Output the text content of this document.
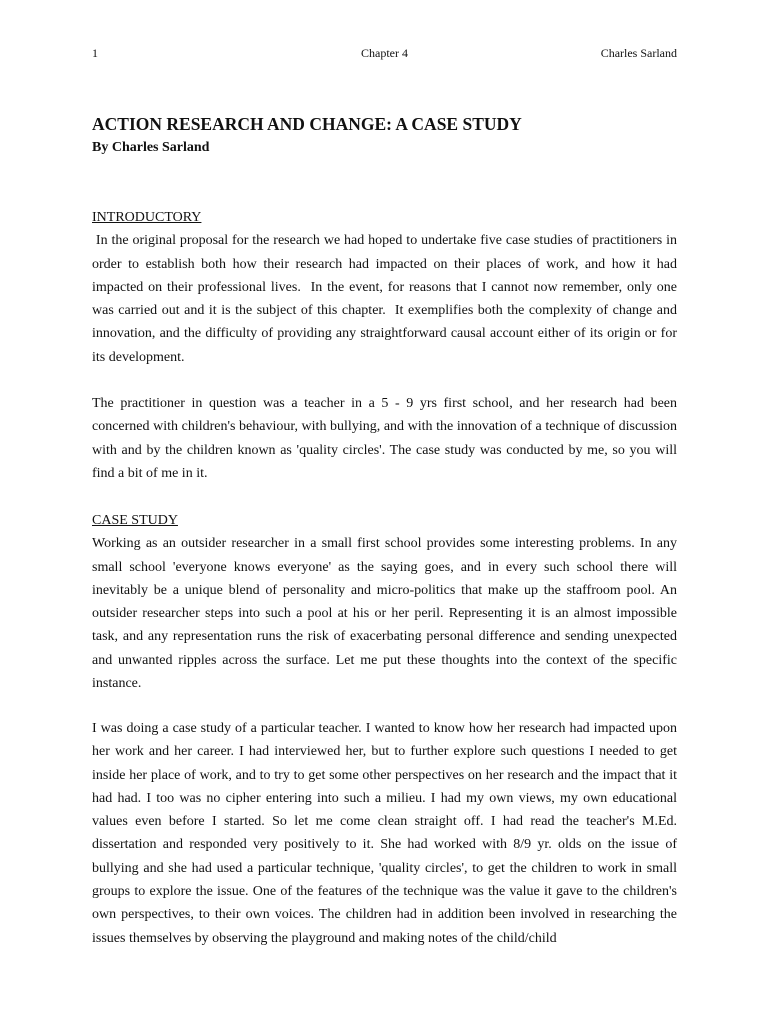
1	Chapter 4	Charles Sarland
ACTION RESEARCH AND CHANGE: A CASE STUDY
By Charles Sarland
INTRODUCTORY

In the original proposal for the research we had hoped to undertake five case studies of practitioners in order to establish both how their research had impacted on their places of work, and how it had impacted on their professional lives.  In the event, for reasons that I cannot now remember, only one was carried out and it is the subject of this chapter.  It exemplifies both the complexity of change and innovation, and the difficulty of providing any straightforward causal account either of its origin or for its development.

The practitioner in question was a teacher in a 5 - 9 yrs first school, and her research had been concerned with children's behaviour, with bullying, and with the innovation of a technique of discussion with and by the children known as 'quality circles'. The case study was conducted by me, so you will find a bit of me in it.

CASE STUDY

Working as an outsider researcher in a small first school provides some interesting problems. In any small school 'everyone knows everyone' as the saying goes, and in every such school there will inevitably be a unique blend of personality and micro-politics that make up the staffroom pool. An outsider researcher steps into such a pool at his or her peril. Representing it is an almost impossible task, and any representation runs the risk of exacerbating personal difference and sending unexpected and unwanted ripples across the surface. Let me put these thoughts into the context of the specific instance.

I was doing a case study of a particular teacher. I wanted to know how her research had impacted upon her work and her career. I had interviewed her, but to further explore such questions I needed to get inside her place of work, and to try to get some other perspectives on her research and the impact that it had had. I too was no cipher entering into such a milieu. I had my own views, my own educational values even before I started. So let me come clean straight off. I had read the teacher's M.Ed. dissertation and responded very positively to it. She had worked with 8/9 yr. olds on the issue of bullying and she had used a particular technique, 'quality circles', to get the children to work in small groups to explore the issue. One of the features of the technique was the value it gave to the children's own perspectives, to their own voices. The children had in addition been involved in researching the issues themselves by observing the playground and making notes of the child/child
